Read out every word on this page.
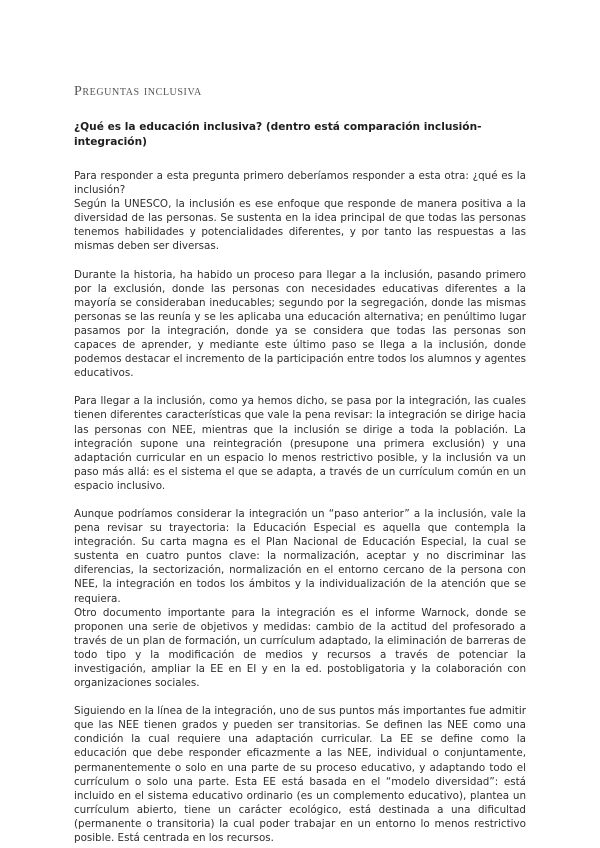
Preguntas inclusiva
¿Qué es la educación inclusiva? (dentro está comparación inclusión-integración)

Para responder a esta pregunta primero deberíamos responder a esta otra: ¿qué es la inclusión?

Según la UNESCO, la inclusión es ese enfoque que responde de manera positiva a la diversidad de las personas. Se sustenta en la idea principal de que todas las personas tenemos habilidades y potencialidades diferentes, y por tanto las respuestas a las mismas deben ser diversas.

Durante la historia, ha habido un proceso para llegar a la inclusión, pasando primero por la exclusión, donde las personas con necesidades educativas diferentes a la mayoría se consideraban ineducables; segundo por la segregación, donde las mismas personas se las reunía y se les aplicaba una educación alternativa; en penúltimo lugar pasamos por la integración, donde ya se considera que todas las personas son capaces de aprender, y mediante este último paso se llega a la inclusión, donde podemos destacar el incremento de la participación entre todos los alumnos y agentes educativos.

Para llegar a la inclusión, como ya hemos dicho, se pasa por la integración, las cuales tienen diferentes características que vale la pena revisar: la integración se dirige hacia las personas con NEE, mientras que la inclusión se dirige a toda la población. La integración supone una reintegración (presupone una primera exclusión) y una adaptación curricular en un espacio lo menos restrictivo posible, y la inclusión va un paso más allá: es el sistema el que se adapta, a través de un currículum común en un espacio inclusivo.

Aunque podríamos considerar la integración un “paso anterior” a la inclusión, vale la pena revisar su trayectoria: la Educación Especial es aquella que contempla la integración. Su carta magna es el Plan Nacional de Educación Especial, la cual se sustenta en cuatro puntos clave: la normalización, aceptar y no discriminar las diferencias, la sectorización, normalización en el entorno cercano de la persona con NEE, la integración en todos los ámbitos y la individualización de la atención que se requiera.

Otro documento importante para la integración es el informe Warnock, donde se proponen una serie de objetivos y medidas: cambio de la actitud del profesorado a través de un plan de formación, un currículum adaptado, la eliminación de barreras de todo tipo y la modificación de medios y recursos a través de potenciar la investigación, ampliar la EE en EI y en la ed. postobligatoria y la colaboración con organizaciones sociales.

Siguiendo en la línea de la integración, uno de sus puntos más importantes fue admitir que las NEE tienen grados y pueden ser transitorias. Se definen las NEE como una condición la cual requiere una adaptación curricular. La EE se define como la educación que debe responder eficazmente a las NEE, individual o conjuntamente, permanentemente o solo en una parte de su proceso educativo, y adaptando todo el currículum o solo una parte. Esta EE está basada en el “modelo diversidad”: está incluido en el sistema educativo ordinario (es un complemento educativo), plantea un currículum abierto, tiene un carácter ecológico, está destinada a una dificultad (permanente o transitoria) la cual poder trabajar en un entorno lo menos restrictivo posible. Está centrada en los recursos.
